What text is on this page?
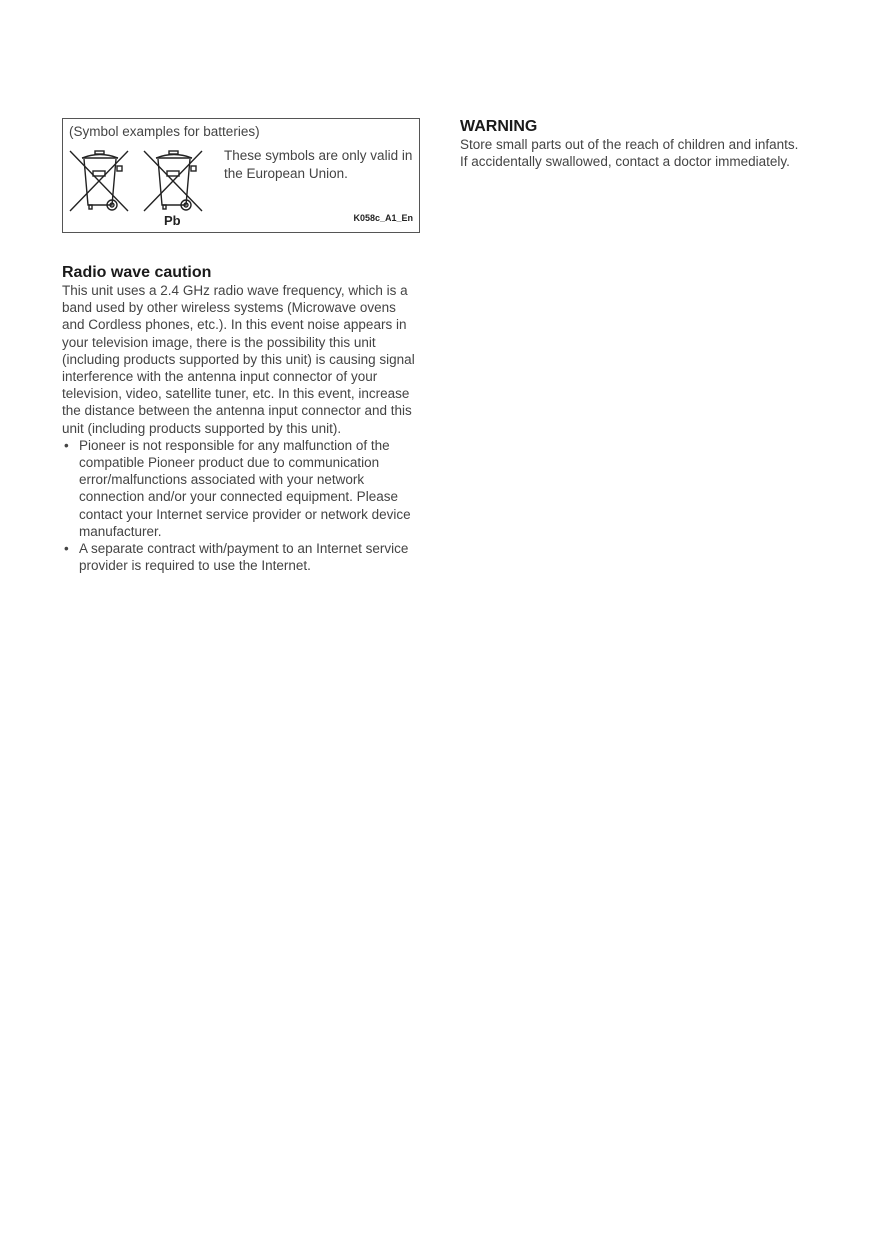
(Symbol examples for batteries)
Pb
These symbols are only valid in the European Union.
K058c_A1_En
Radio wave caution

This unit uses a 2.4 GHz radio wave frequency, which is a band used by other wireless systems (Microwave ovens and Cordless phones, etc.). In this event noise appears in your television image, there is the possibility this unit (including products supported by this unit) is causing signal interference with the antenna input connector of your television, video, satellite tuner, etc. In this event, increase the distance between the antenna input connector and this unit (including products supported by this unit).

• Pioneer is not responsible for any malfunction of the compatible Pioneer product due to communication error/malfunctions associated with your network connection and/or your connected equipment. Please contact your Internet service provider or network device manufacturer.
• A separate contract with/payment to an Internet service provider is required to use the Internet.
WARNING

Store small parts out of the reach of children and infants. If accidentally swallowed, contact a doctor immediately.
